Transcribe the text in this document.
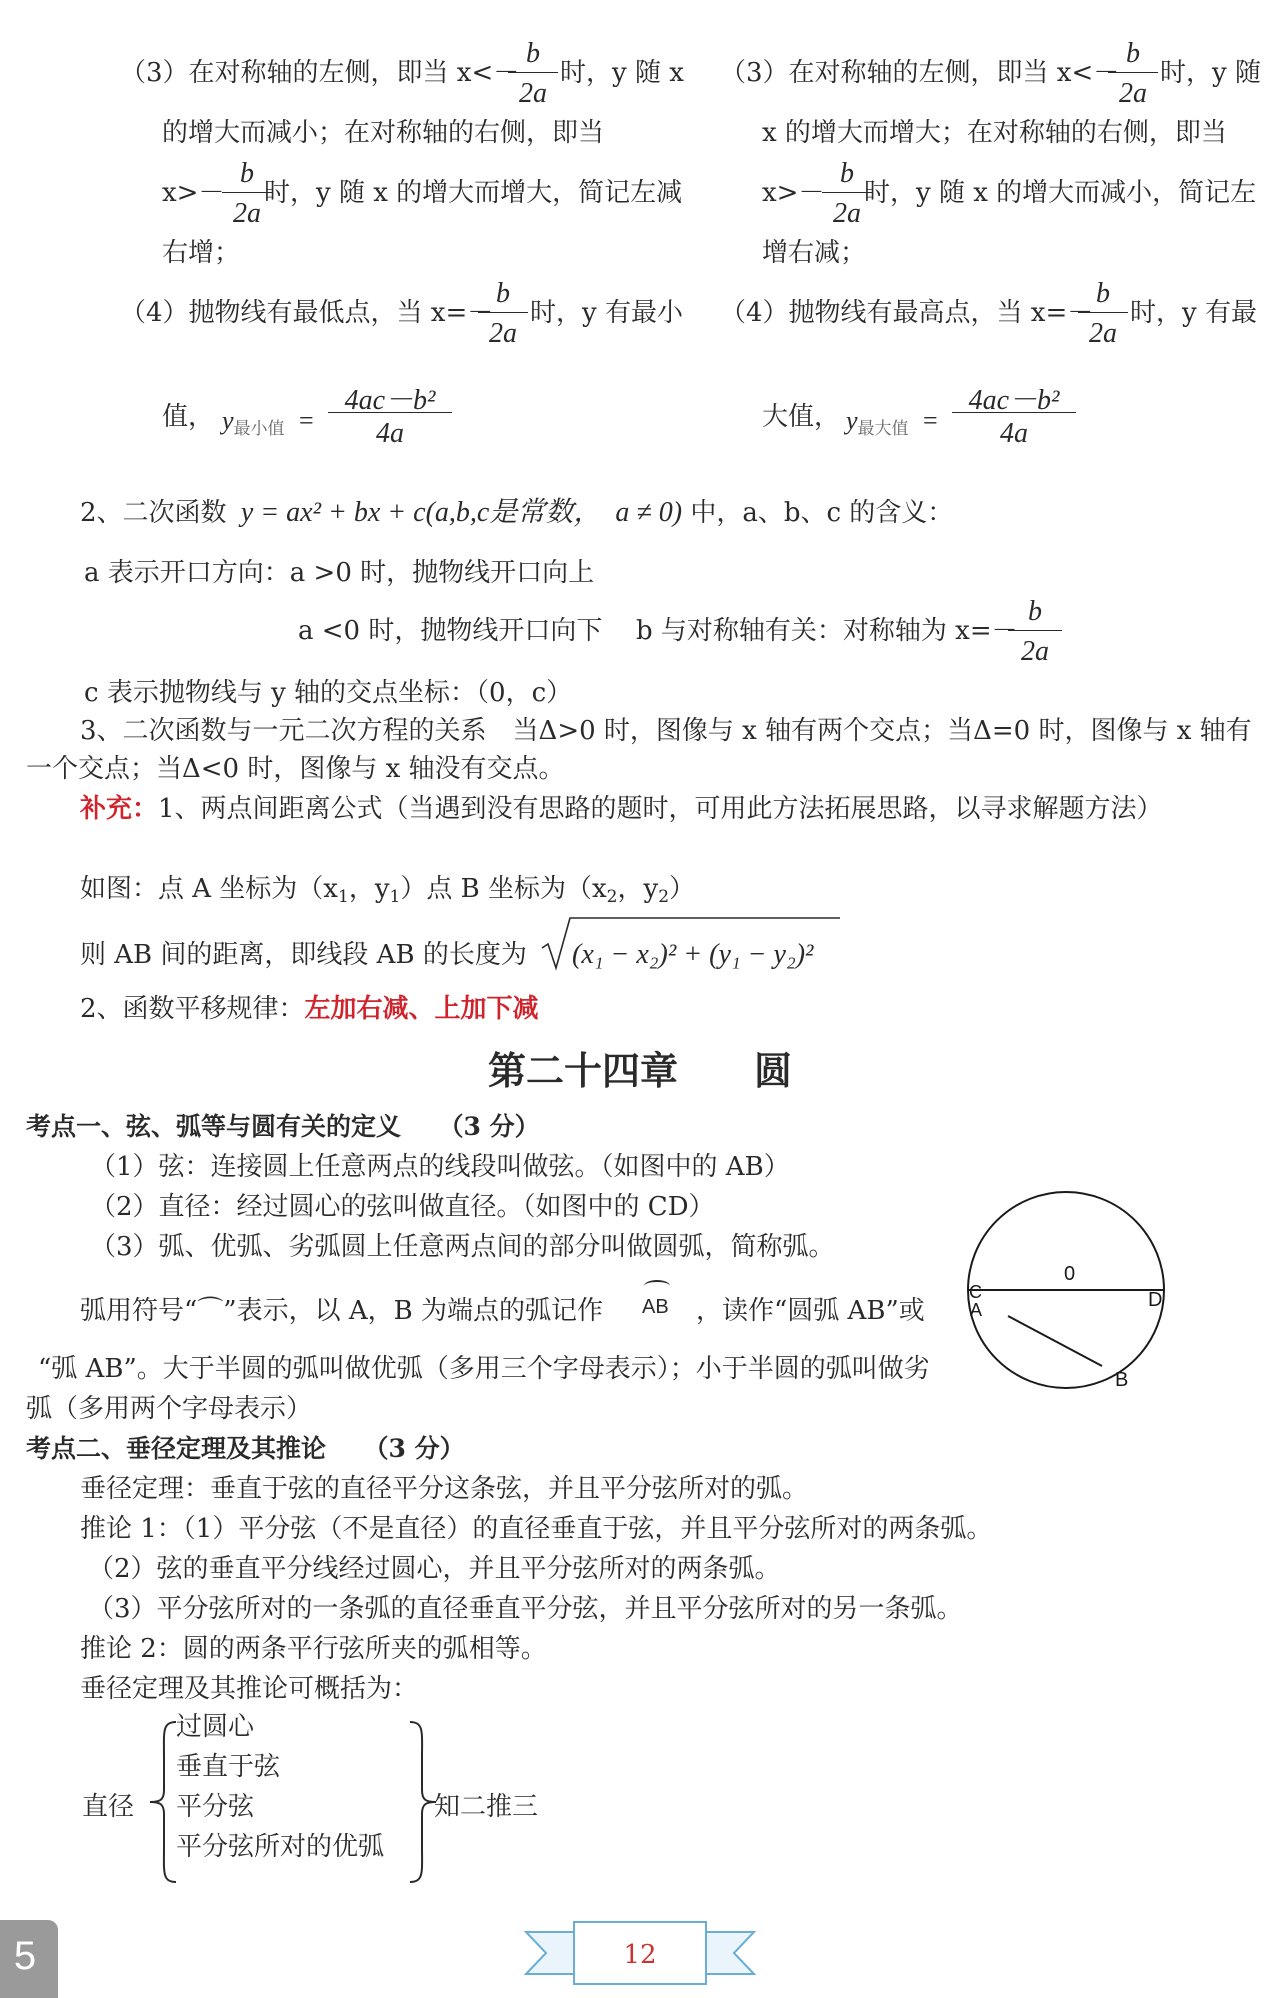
（3）在对称轴的左侧，即当 x<－
b
2a
时，y 随 x
的增大而减小；在对称轴的右侧，即当
x>－
b
2a
时，y 随 x 的增大而增大，简记左减
右增；
（4）抛物线有最低点，当 x=－
b
2a
时，y 有最小
值， $y_{最小值}$ =
4ac－b²
4a
（3）在对称轴的左侧，即当 x<－
b
2a
时，y 随
x 的增大而增大；在对称轴的右侧，即当
x>－
b
2a
时，y 随 x 的增大而减小，简记左
增右减；
（4）抛物线有最高点，当 x=－
b
2a
时，y 有最
大值， $y_{最大值}$ =
4ac－b²
4a
2、二次函数 y = ax² + bx + c(a,b,c是常数，　a ≠ 0) 中，a、b、c 的含义：
a 表示开口方向：a >0 时，抛物线开口向上
a <0 时，抛物线开口向下 b 与对称轴有关：对称轴为 x=－
b
2a
c 表示抛物线与 y 轴的交点坐标：（0，c）
3、二次函数与一元二次方程的关系　当Δ>0 时，图像与 x 轴有两个交点；当Δ=0 时，图像与 x 轴有
一个交点；当Δ<0 时，图像与 x 轴没有交点。
补充：1、两点间距离公式（当遇到没有思路的题时，可用此方法拓展思路，以寻求解题方法）
如图：点 A 坐标为（$x_1$，$y_1$）点 B 坐标为（$x_2$，$y_2$）
则 AB 间的距离，即线段 AB 的长度为 (x₁ − x₂)² + (y₁ − y₂)²
2、函数平移规律：左加右减、上加下减
第二十四章　　圆
考点一、弦、弧等与圆有关的定义　　（3 分）
（1）弦：连接圆上任意两点的线段叫做弦。（如图中的 AB）
（2）直径：经过圆心的弦叫做直径。（如图中的 CD）
（3）弧、优弧、劣弧圆上任意两点间的部分叫做圆弧，简称弧。
弧用符号“⌒”表示，以 A，B 为端点的弧记作 AB ，读作“圆弧 AB”或
“弧 AB”。大于半圆的弧叫做优弧（多用三个字母表示）；小于半圆的弧叫做劣
弧（多用两个字母表示）
0
C
A	D
B
考点二、垂径定理及其推论　　（3 分）
垂径定理：垂直于弦的直径平分这条弦，并且平分弦所对的弧。
推论 1：（1）平分弦（不是直径）的直径垂直于弦，并且平分弦所对的两条弧。
（2）弦的垂直平分线经过圆心，并且平分弦所对的两条弧。
（3）平分弦所对的一条弧的直径垂直平分弦，并且平分弦所对的另一条弧。
推论 2：圆的两条平行弦所夹的弧相等。
垂径定理及其推论可概括为：
直径
过圆心
垂直于弦
平分弦
平分弦所对的优弧
知二推三
12
5
